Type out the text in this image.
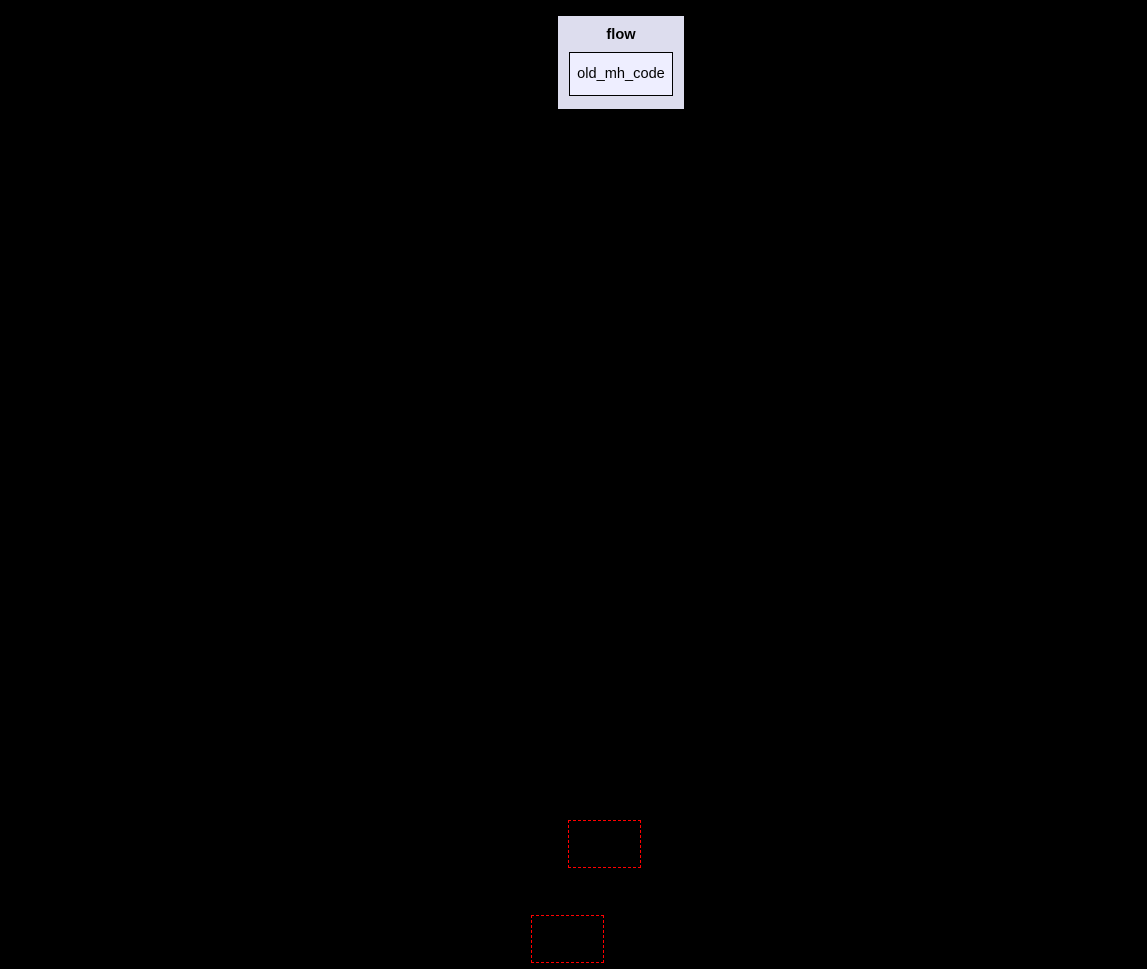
flow
old_mh_code
